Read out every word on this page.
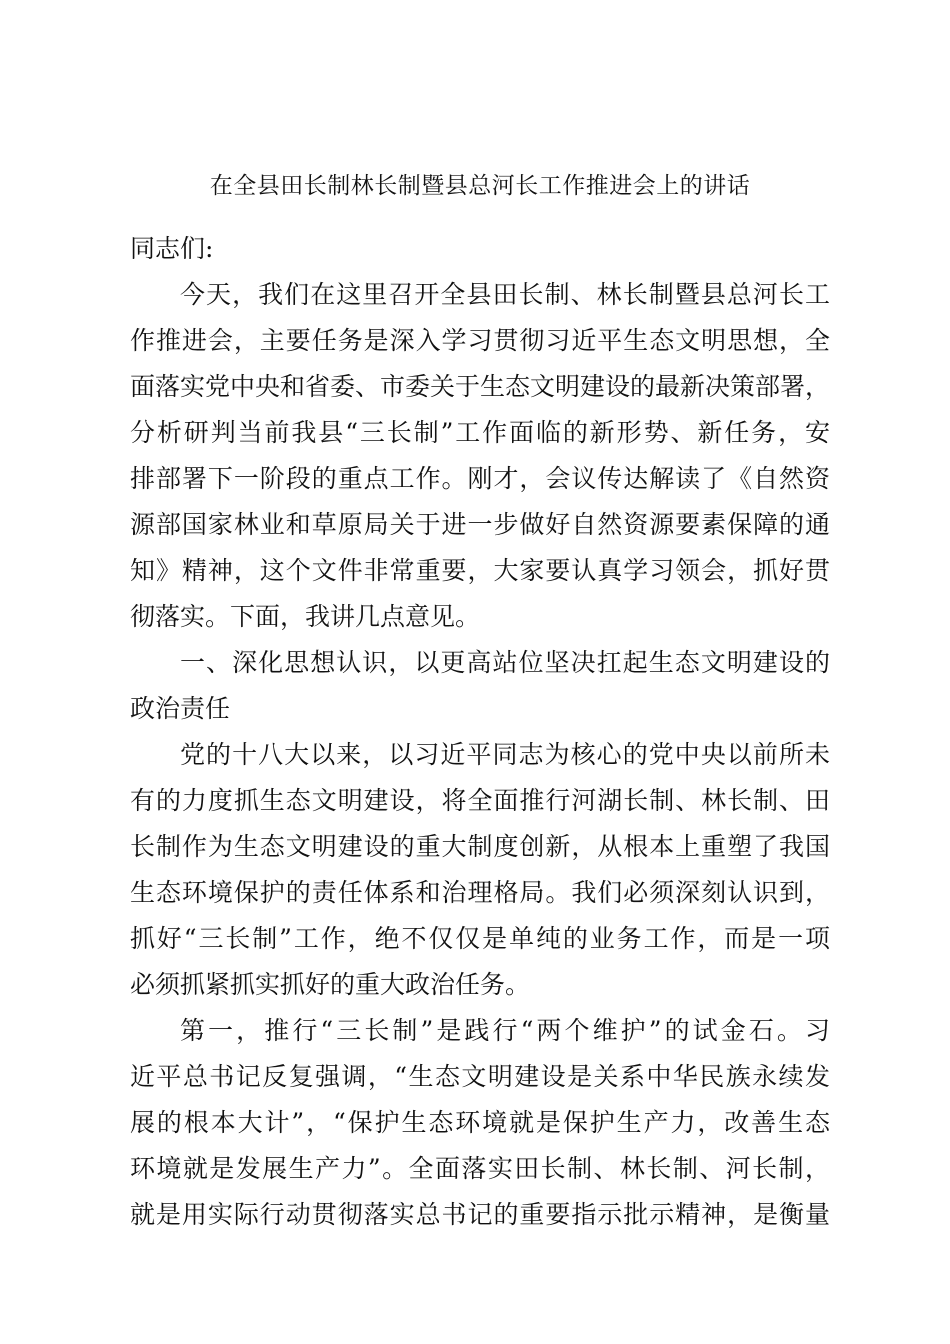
在全县田长制林长制暨县总河长工作推进会上的讲话
同志们:
今天，我们在这里召开全县田长制、林长制暨县总河长工
作推进会，主要任务是深入学习贯彻习近平生态文明思想，全
面落实党中央和省委、市委关于生态文明建设的最新决策部署，
分析研判当前我县“三长制”工作面临的新形势、新任务，安
排部署下一阶段的重点工作。刚才，会议传达解读了《自然资
源部国家林业和草原局关于进一步做好自然资源要素保障的通
知》精神，这个文件非常重要，大家要认真学习领会，抓好贯
彻落实。下面，我讲几点意见。
一、深化思想认识，以更高站位坚决扛起生态文明建设的
政治责任
党的十八大以来，以习近平同志为核心的党中央以前所未
有的力度抓生态文明建设，将全面推行河湖长制、林长制、田
长制作为生态文明建设的重大制度创新，从根本上重塑了我国
生态环境保护的责任体系和治理格局。我们必须深刻认识到，
抓好“三长制”工作，绝不仅仅是单纯的业务工作，而是一项
必须抓紧抓实抓好的重大政治任务。
第一，推行“三长制”是践行“两个维护”的试金石。习
近平总书记反复强调，“生态文明建设是关系中华民族永续发
展的根本大计”，“保护生态环境就是保护生产力，改善生态
环境就是发展生产力”。全面落实田长制、林长制、河长制，
就是用实际行动贯彻落实总书记的重要指示批示精神，是衡量
